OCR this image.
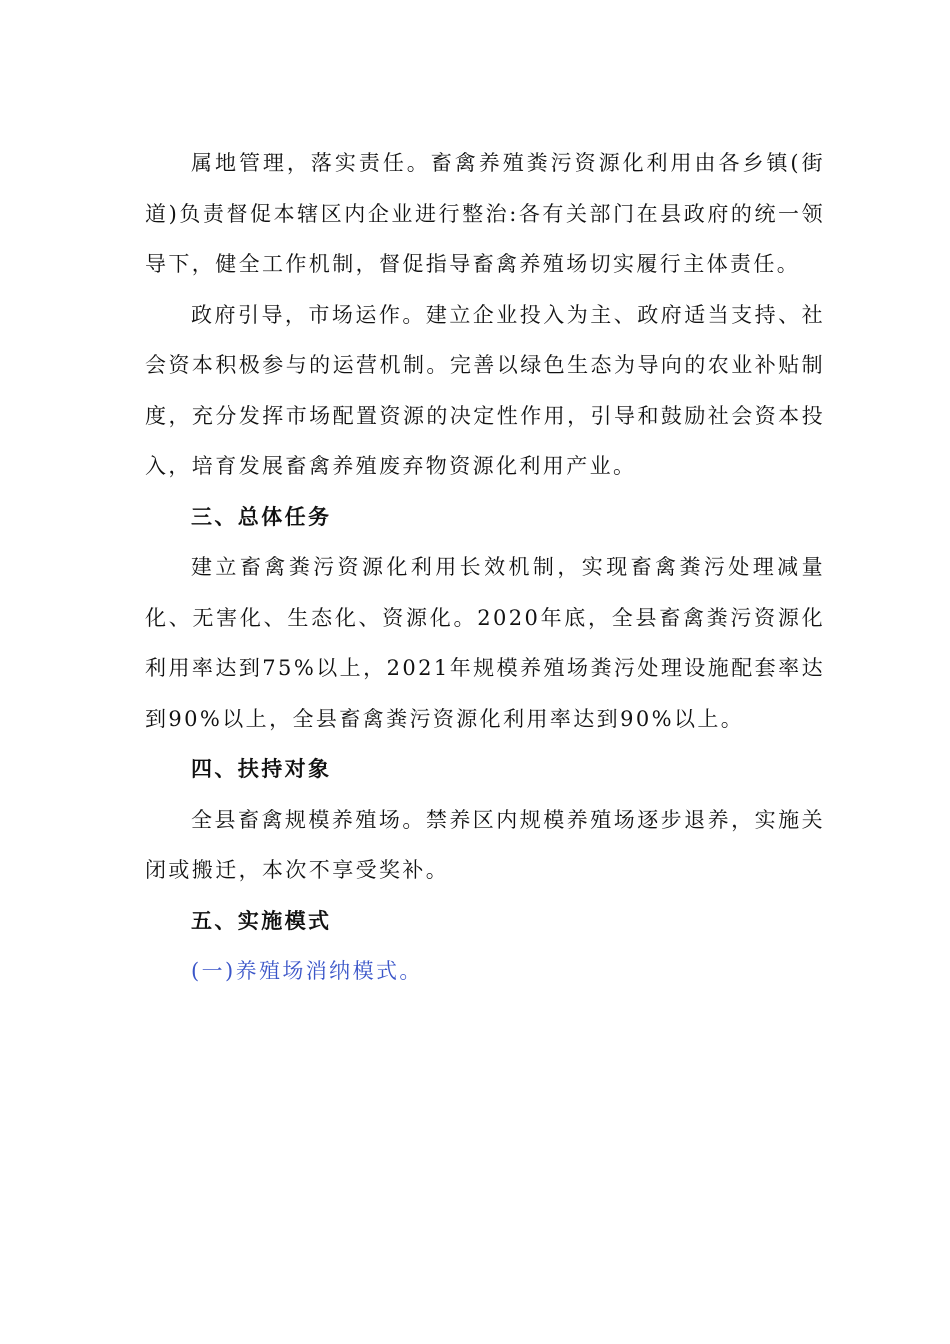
属地管理，落实责任。畜禽养殖粪污资源化利用由各乡镇(街道)负责督促本辖区内企业进行整治:各有关部门在县政府的统一领导下，健全工作机制，督促指导畜禽养殖场切实履行主体责任。

政府引导，市场运作。建立企业投入为主、政府适当支持、社会资本积极参与的运营机制。完善以绿色生态为导向的农业补贴制度，充分发挥市场配置资源的决定性作用，引导和鼓励社会资本投入，培育发展畜禽养殖废弃物资源化利用产业。

三、总体任务

建立畜禽粪污资源化利用长效机制，实现畜禽粪污处理减量化、无害化、生态化、资源化。2020年底，全县畜禽粪污资源化利用率达到75%以上，2021年规模养殖场粪污处理设施配套率达到90%以上，全县畜禽粪污资源化利用率达到90%以上。

四、扶持对象

全县畜禽规模养殖场。禁养区内规模养殖场逐步退养，实施关闭或搬迁，本次不享受奖补。

五、实施模式

(一)养殖场消纳模式。
